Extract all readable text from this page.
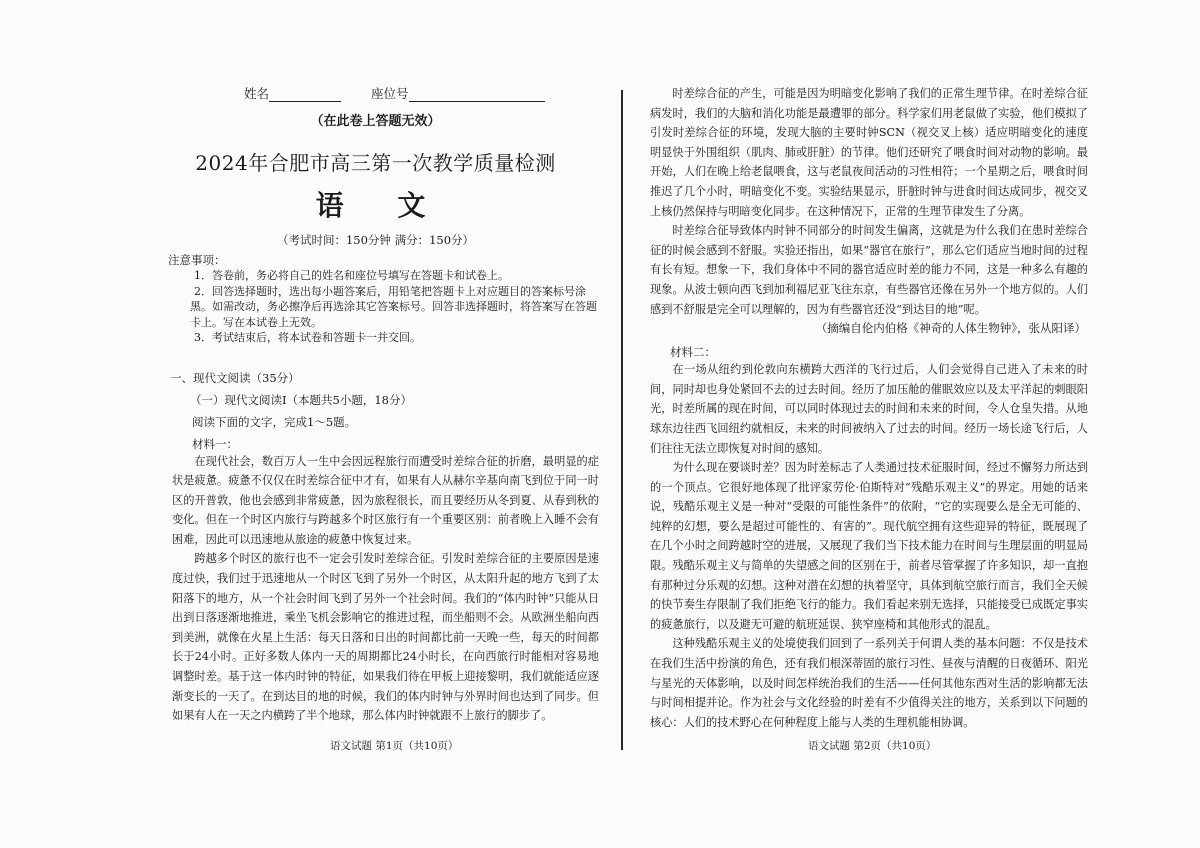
姓名	座位号
（在此卷上答题无效）
2024年合肥市高三第一次教学质量检测
语 文
（考试时间：150分钟 满分：150分）
注意事项：

1．答卷前，务必将自己的姓名和座位号填写在答题卡和试卷上。

2．回答选择题时，选出每小题答案后，用铅笔把答题卡上对应题目的答案标号涂黑。如需改动，务必擦净后再选涂其它答案标号。回答非选择题时，将答案写在答题卡上。写在本试卷上无效。

3．考试结束后，将本试卷和答题卡一并交回。

一、现代文阅读（35分）
（一）现代文阅读Ⅰ（本题共5小题，18分）
阅读下面的文字，完成1～5题。
材料一：

在现代社会，数百万人一生中会因远程旅行而遭受时差综合征的折磨，最明显的症状是疲惫。疲惫不仅仅在时差综合征中才有，如果有人从赫尔辛基向南飞到位于同一时区的开普敦，他也会感到非常疲惫，因为旅程很长，而且要经历从冬到夏、从春到秋的变化。但在一个时区内旅行与跨越多个时区旅行有一个重要区别：前者晚上入睡不会有困难，因此可以迅速地从旅途的疲惫中恢复过来。

跨越多个时区的旅行也不一定会引发时差综合征。引发时差综合征的主要原因是速度过快，我们过于迅速地从一个时区飞到了另外一个时区，从太阳升起的地方飞到了太阳落下的地方，从一个社会时间飞到了另外一个社会时间。我们的“体内时钟”只能从日出到日落逐渐地推进，乘坐飞机会影响它的推进过程，而坐船则不会。从欧洲坐船向西到美洲，就像在火星上生活：每天日落和日出的时间都比前一天晚一些，每天的时间都长于24小时。正好多数人体内一天的周期都比24小时长，在向西旅行时能相对容易地调整时差。基于这一体内时钟的特征，如果我们待在甲板上迎接黎明，我们就能适应逐渐变长的一天了。在到达目的地的时候，我们的体内时钟与外界时间也达到了同步。但如果有人在一天之内横跨了半个地球，那么体内时钟就跟不上旅行的脚步了。

语文试题 第1页（共10页）

时差综合征的产生，可能是因为明暗变化影响了我们的正常生理节律。在时差综合征病发时，我们的大脑和消化功能是最遭罪的部分。科学家们用老鼠做了实验，他们模拟了引发时差综合征的环境，发现大脑的主要时钟SCN（视交叉上核）适应明暗变化的速度明显快于外围组织（肌肉、肺或肝脏）的节律。他们还研究了喂食时间对动物的影响。最开始，人们在晚上给老鼠喂食，这与老鼠夜间活动的习性相符；一个星期之后，喂食时间推迟了几个小时，明暗变化不变。实验结果显示，肝脏时钟与进食时间达成同步，视交叉上核仍然保持与明暗变化同步。在这种情况下，正常的生理节律发生了分离。

时差综合征导致体内时钟不同部分的时间发生偏离，这就是为什么我们在患时差综合征的时候会感到不舒服。实验还指出，如果“器官在旅行”，那么它们适应当地时间的过程有长有短。想象一下，我们身体中不同的器官适应时差的能力不同，这是一种多么有趣的现象。从波士顿向西飞到加利福尼亚飞往东京，有些器官还像在另外一个地方似的。人们感到不舒服是完全可以理解的，因为有些器官还没“到达目的地”呢。

（摘编自伦内伯格《神奇的人体生物钟》，张从阳译）
材料二：

在一场从纽约到伦敦向东横跨大西洋的飞行过后，人们会觉得自己进入了未来的时间，同时却也身处紧回不去的过去时间。经历了加压舱的催眠效应以及太平洋起的刺眼阳光，时差所属的现在时间，可以同时体现过去的时间和未来的时间，令人仓皇失措。从地球东边往西飞回纽约就相反，未来的时间被纳入了过去的时间。经历一场长途飞行后，人们往往无法立即恢复对时间的感知。

为什么现在要谈时差？因为时差标志了人类通过技术征服时间，经过不懈努力所达到的一个顶点。它很好地体现了批评家劳伦·伯斯特对“残酷乐观主义”的界定。用她的话来说，残酷乐观主义是一种对“受限的可能性条件”的依附，“它的实现要么是全无可能的、纯粹的幻想，要么是超过可能性的、有害的”。现代航空拥有这些迎异的特征，既展现了在几个小时之间跨越时空的进展，又展现了我们当下技术能力在时间与生理层面的明显局限。残酷乐观主义与简单的失望感之间的区别在于，前者尽管掌握了许多知识，却一直抱有那种过分乐观的幻想。这种对潜在幻想的执着坚守，具体到航空旅行而言，我们全天候的快节奏生存限制了我们拒绝飞行的能力。我们看起来别无选择，只能接受已成既定事实的疲惫旅行，以及避无可避的航班延误、狭窄座椅和其他形式的混乱。

这种残酷乐观主义的处境使我们回到了一系列关于何谓人类的基本问题：不仅是技术在我们生活中扮演的角色，还有我们根深蒂固的旅行习性、昼夜与清醒的日夜循环、阳光与星光的天体影响，以及时间怎样统治我们的生活——任何其他东西对生活的影响都无法与时间相提并论。作为社会与文化经验的时差有不少值得关注的地方，关系到以下问题的核心：人们的技术野心在何种程度上能与人类的生理机能相协调。

语文试题 第2页（共10页）
